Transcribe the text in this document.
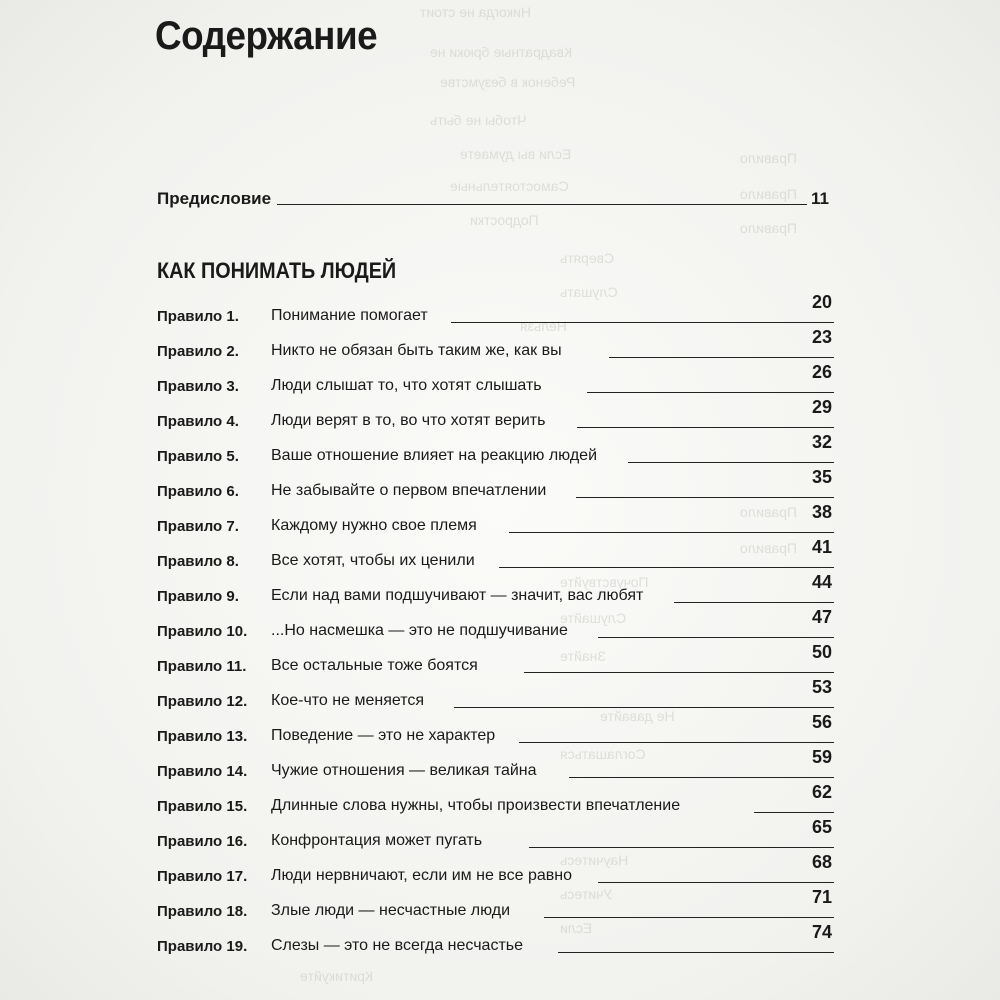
Никогда не стоит
Квадратные брюки не
Ребенок в безумстве
Чтобы не быть
Если вы думаете
Самостоятельные
Подростки
Сверять
Слушать
Нельзя
Правило
Правило
Правило
Правило
Правило
Почувствуйте
Слушайте
Знайте
Не давайте
Соглашаться
Научитесь
Учитесь
Если
Критикуйте
Содержание
Предисловие	11
КАК ПОНИМАТЬ ЛЮДЕЙ
Правило 1. Понимание помогает
20
Правило 2. Никто не обязан быть таким же, как вы
23
Правило 3. Люди слышат то, что хотят слышать
26
Правило 4. Люди верят в то, во что хотят верить
29
Правило 5. Ваше отношение влияет на реакцию людей
32
Правило 6. Не забывайте о первом впечатлении
35
Правило 7. Каждому нужно свое племя
38
Правило 8. Все хотят, чтобы их ценили
41
Правило 9. Если над вами подшучивают — значит, вас любят
44
Правило 10. ...Но насмешка — это не подшучивание
47
Правило 11. Все остальные тоже боятся
50
Правило 12. Кое-что не меняется
53
Правило 13. Поведение — это не характер
56
Правило 14. Чужие отношения — великая тайна
59
Правило 15. Длинные слова нужны, чтобы произвести впечатление
62
Правило 16. Конфронтация может пугать
65
Правило 17. Люди нервничают, если им не все равно
68
Правило 18. Злые люди — несчастные люди
71
Правило 19. Слезы — это не всегда несчастье
74
